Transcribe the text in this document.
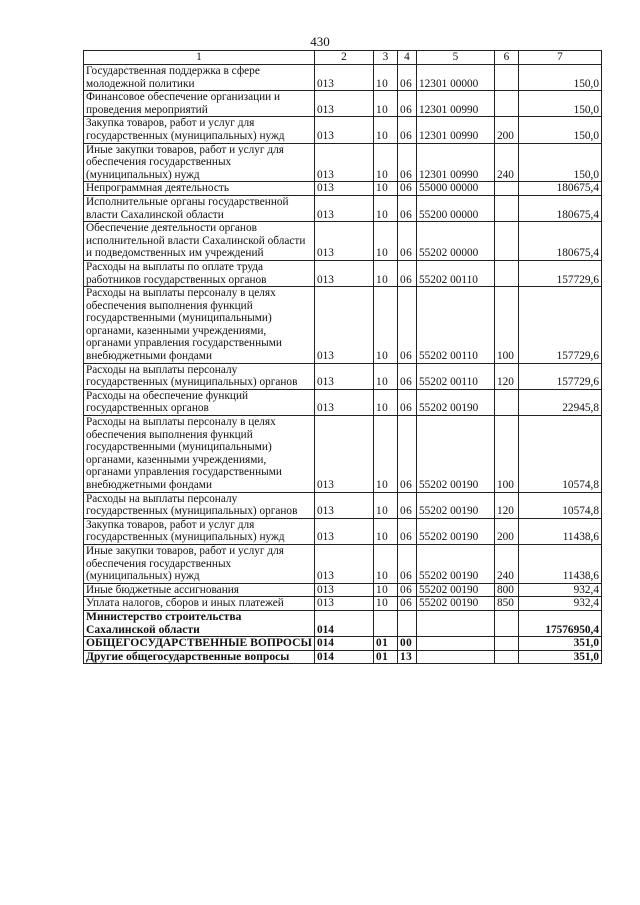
430
1	2	3	4	5	6	7
Государственная поддержка в сфере молодежной политики	013	10	06	12301 00000		150,0
Финансовое обеспечение организации и проведения мероприятий	013	10	06	12301 00990		150,0
Закупка товаров, работ и услуг для государственных (муниципальных) нужд	013	10	06	12301 00990	200	150,0
Иные закупки товаров, работ и услуг для обеспечения государственных (муниципальных) нужд	013	10	06	12301 00990	240	150,0
Непрограммная деятельность	013	10	06	55000 00000		180675,4
Исполнительные органы государственной власти Сахалинской области	013	10	06	55200 00000		180675,4
Обеспечение деятельности органов исполнительной власти Сахалинской области и подведомственных им учреждений	013	10	06	55202 00000		180675,4
Расходы на выплаты по оплате труда работников государственных органов	013	10	06	55202 00110		157729,6
Расходы на выплаты персоналу в целях обеспечения выполнения функций государственными (муниципальными) органами, казенными учреждениями, органами управления государственными внебюджетными фондами	013	10	06	55202 00110	100	157729,6
Расходы на выплаты персоналу государственных (муниципальных) органов	013	10	06	55202 00110	120	157729,6
Расходы на обеспечение функций государственных органов	013	10	06	55202 00190		22945,8
Расходы на выплаты персоналу в целях обеспечения выполнения функций государственными (муниципальными) органами, казенными учреждениями, органами управления государственными внебюджетными фондами	013	10	06	55202 00190	100	10574,8
Расходы на выплаты персоналу государственных (муниципальных) органов	013	10	06	55202 00190	120	10574,8
Закупка товаров, работ и услуг для государственных (муниципальных) нужд	013	10	06	55202 00190	200	11438,6
Иные закупки товаров, работ и услуг для обеспечения государственных (муниципальных) нужд	013	10	06	55202 00190	240	11438,6
Иные бюджетные ассигнования	013	10	06	55202 00190	800	932,4
Уплата налогов, сборов и иных платежей	013	10	06	55202 00190	850	932,4
Министерство строительства Сахалинской области	014					17576950,4
ОБЩЕГОСУДАРСТВЕННЫЕ ВОПРОСЫ	014	01	00			351,0
Другие общегосударственные вопросы	014	01	13			351,0
